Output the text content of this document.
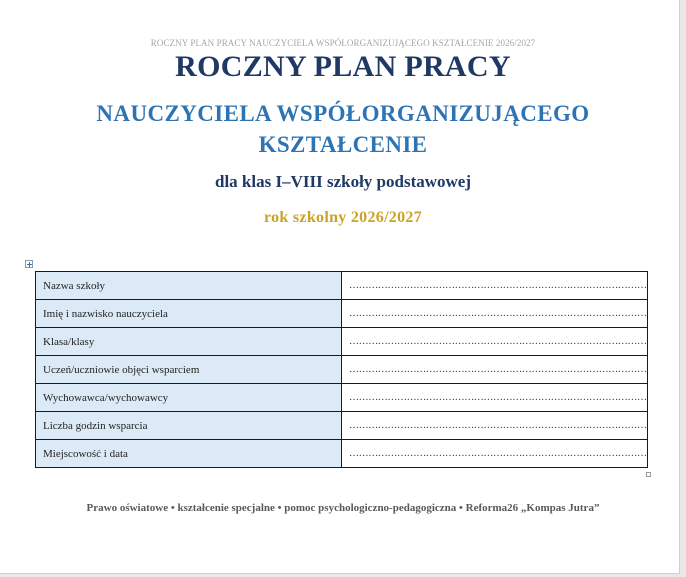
ROCZNY PLAN PRACY NAUCZYCIELA WSPÓŁORGANIZUJĄCEGO KSZTAŁCENIE 2026/2027
ROCZNY PLAN PRACY
NAUCZYCIELA WSPÓŁORGANIZUJĄCEGO
KSZTAŁCENIE
dla klas I–VIII szkoły podstawowej
rok szkolny 2026/2027
Nazwa szkoły	…………………………………………………………………………………
Imię i nazwisko nauczyciela	…………………………………………………………………………………
Klasa/klasy	…………………………………………………………………………………
Uczeń/uczniowie objęci wsparciem	…………………………………………………………………………………
Wychowawca/wychowawcy	…………………………………………………………………………………
Liczba godzin wsparcia	…………………………………………………………………………………
Miejscowość i data	…………………………………………………………………………………
Prawo oświatowe • kształcenie specjalne • pomoc psychologiczno-pedagogiczna • Reforma26 „Kompas Jutra”
